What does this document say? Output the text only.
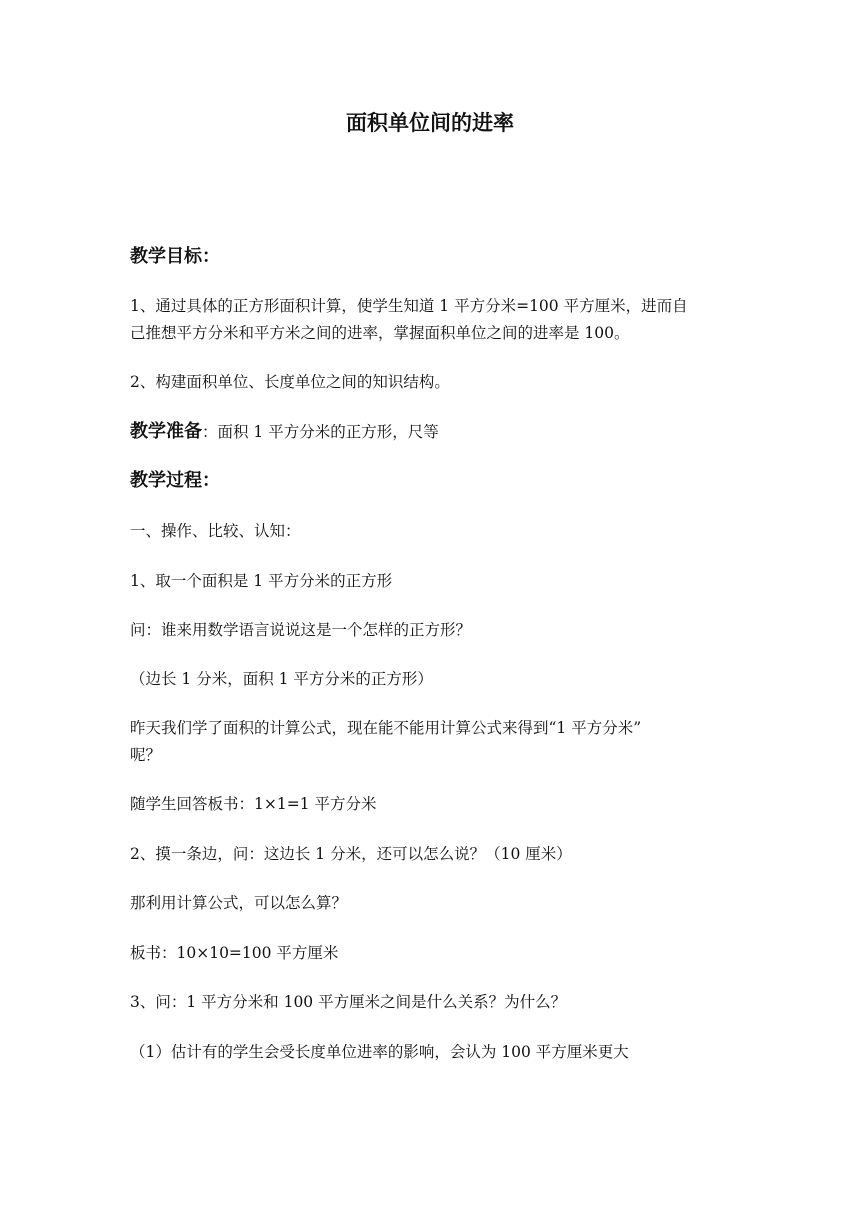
面积单位间的进率
教学目标：
1、通过具体的正方形面积计算，使学生知道 1 平方分米=100 平方厘米，进而自
己推想平方分米和平方米之间的进率，掌握面积单位之间的进率是 100。
2、构建面积单位、长度单位之间的知识结构。
教学准备：面积 1 平方分米的正方形，尺等
教学过程：
一、操作、比较、认知：
1、取一个面积是 1 平方分米的正方形
问：谁来用数学语言说说这是一个怎样的正方形？
（边长 1 分米，面积 1 平方分米的正方形）
昨天我们学了面积的计算公式，现在能不能用计算公式来得到“1 平方分米”
呢？
随学生回答板书：1×1=1 平方分米
2、摸一条边，问：这边长 1 分米，还可以怎么说？（10 厘米）
那利用计算公式，可以怎么算？
板书：10×10=100 平方厘米
3、问：1 平方分米和 100 平方厘米之间是什么关系？为什么？
（1）估计有的学生会受长度单位进率的影响，会认为 100 平方厘米更大
